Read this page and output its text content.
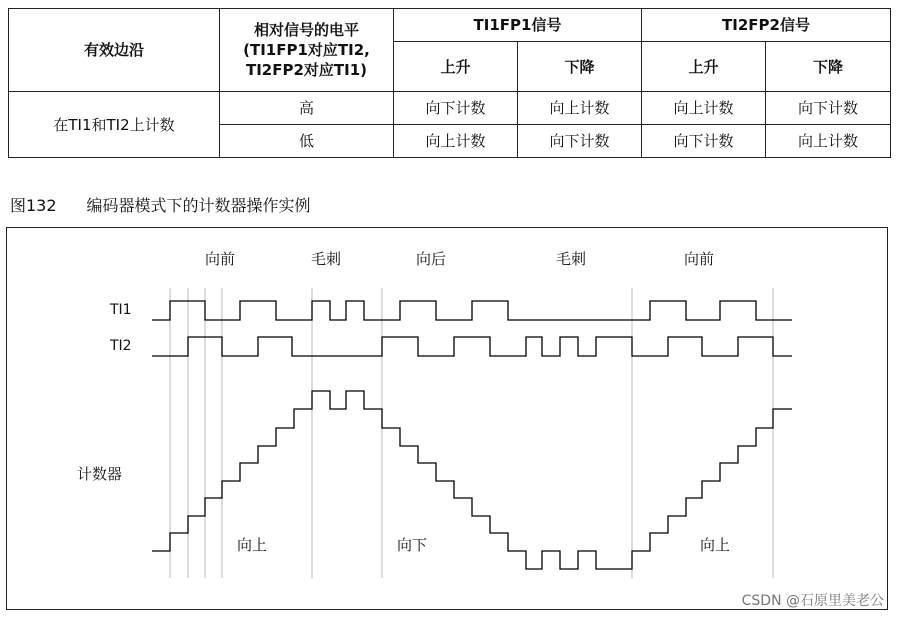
有效边沿	相对信号的电平
(TI1FP1对应TI2,
TI2FP2对应TI1)	TI1FP1信号		TI2FP2信号	
		上升	下降	上升	下降
在TI1和TI2上计数	高	向下计数	向上计数	向上计数	向下计数
	低	向上计数	向下计数	向下计数	向上计数
图132 编码器模式下的计数器操作实例
向前	毛刺	向后	毛刺	向前
TI1
TI2
计数器
向上	向下	向上
CSDN @石原里美老公
